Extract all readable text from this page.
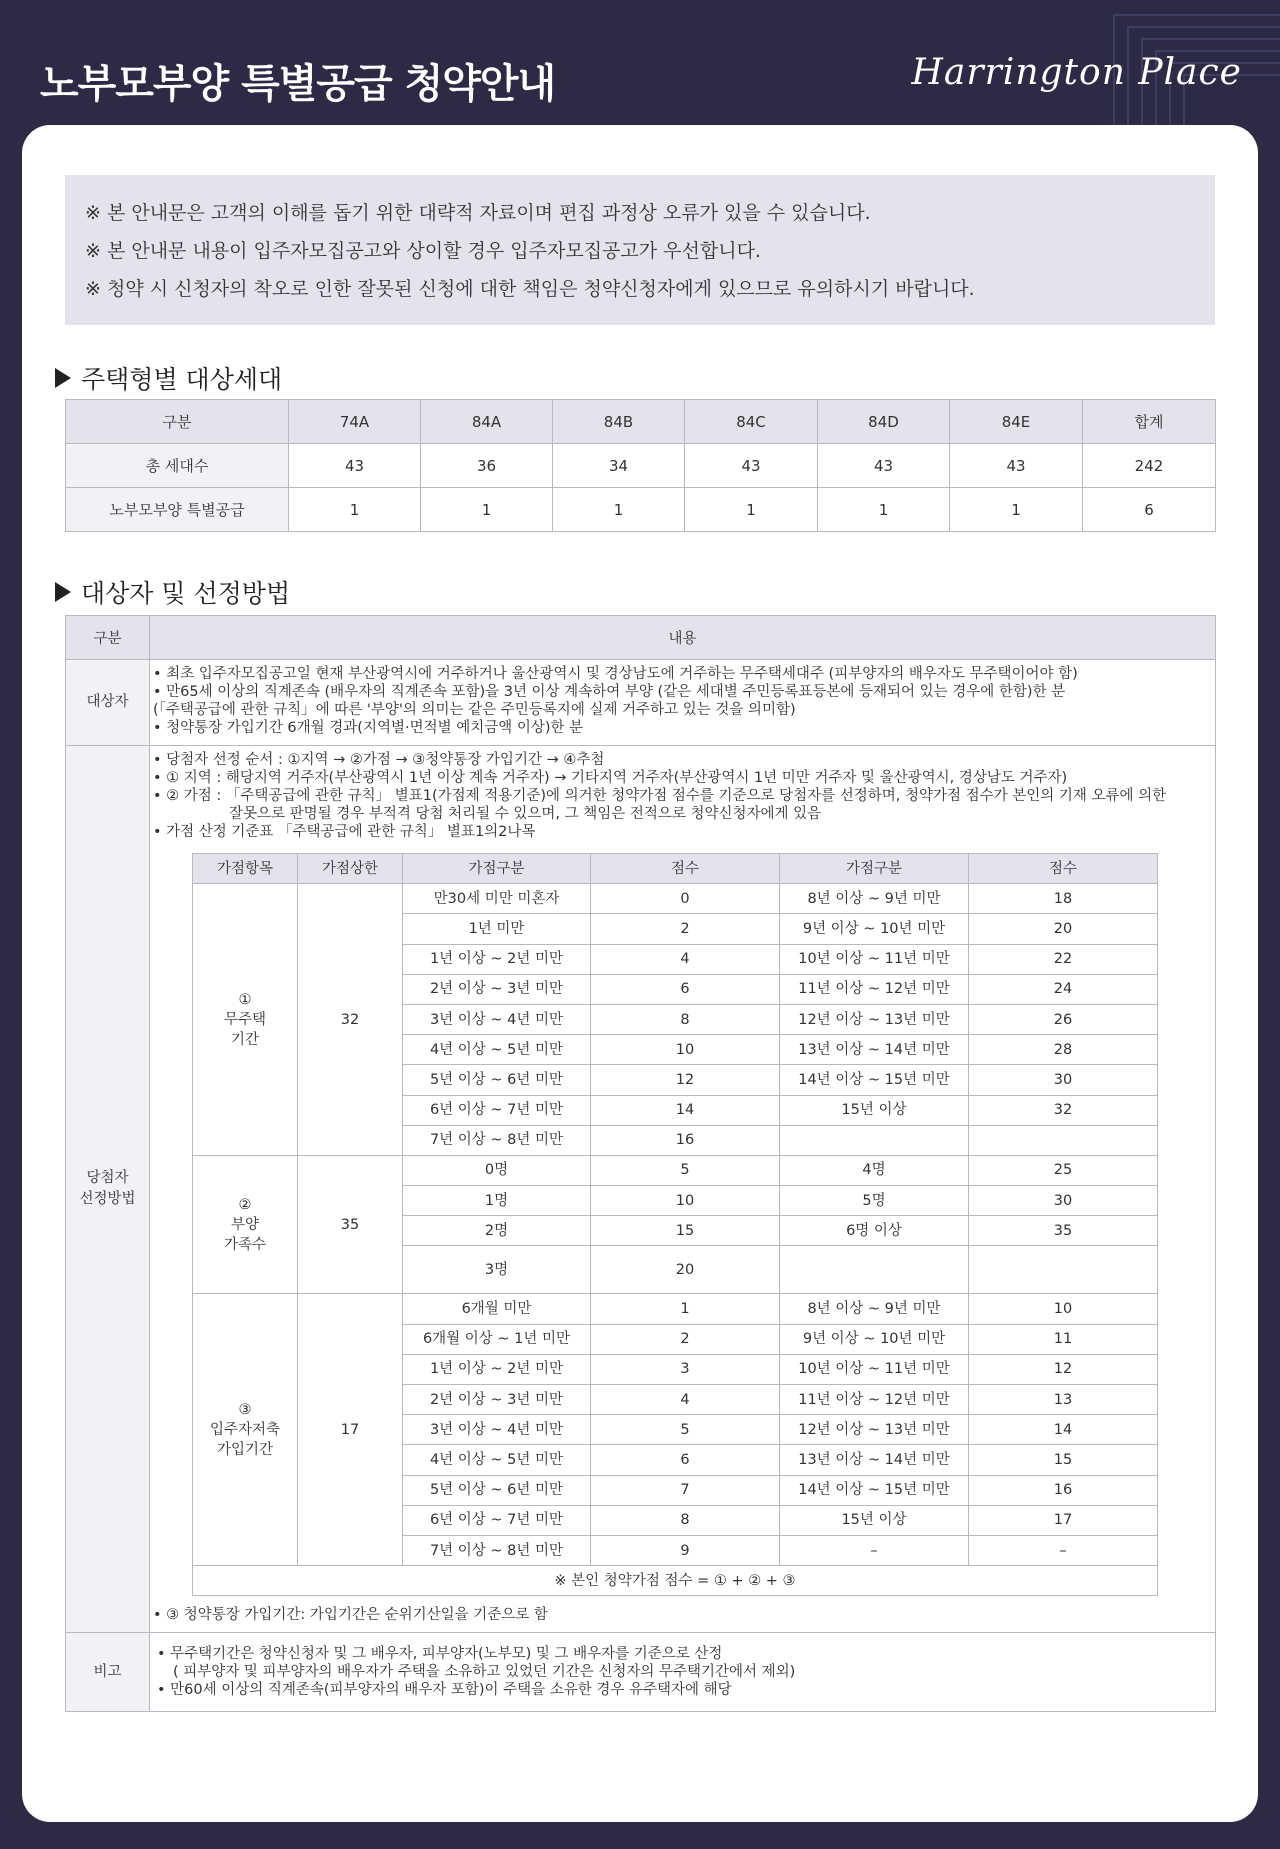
노부모부양 특별공급 청약안내	Harrington Place

※ 본 안내문은 고객의 이해를 돕기 위한 대략적 자료이며 편집 과정상 오류가 있을 수 있습니다.

※ 본 안내문 내용이 입주자모집공고와 상이할 경우 입주자모집공고가 우선합니다.

※ 청약 시 신청자의 착오로 인한 잘못된 신청에 대한 책임은 청약신청자에게 있으므로 유의하시기 바랍니다.

주택형별 대상세대
구분	74A	84A	84B	84C	84D	84E	합계
총 세대수	43	36	34	43	43	43	242
노부모부양 특별공급	1	1	1	1	1	1	6
대상자 및 선정방법
구분	내용
대상자	
• 최초 입주자모집공고일 현재 부산광역시에 거주하거나 울산광역시 및 경상남도에 거주하는 무주택세대주 (피부양자의 배우자도 무주택이어야 함)
• 만65세 이상의 직계존속 (배우자의 직계존속 포함)을 3년 이상 계속하여 부양 (같은 세대별 주민등록표등본에 등재되어 있는 경우에 한함)한 분
(「주택공급에 관한 규칙」에 따른 '부양'의 의미는 같은 주민등록지에 실제 거주하고 있는 것을 의미함)
• 청약통장 가입기간 6개월 경과(지역별·면적별 예치금액 이상)한 분

당첨자
선정방법

• 당첨자 선정 순서 : ①지역 → ②가점 → ③청약통장 가입기간 → ④추첨
• ① 지역 : 해당지역 거주자(부산광역시 1년 이상 계속 거주자) → 기타지역 거주자(부산광역시 1년 미만 거주자 및 울산광역시, 경상남도 거주자)
• ② 가점 : 「주택공급에 관한 규칙」 별표1(가점제 적용기준)에 의거한 청약가점 점수를 기준으로 당첨자를 선정하며, 청약가점 점수가 본인의 기재 오류에 의한
잘못으로 판명될 경우 부적격 당첨 처리될 수 있으며, 그 책임은 전적으로 청약신청자에게 있음
• 가점 산정 기준표 「주택공급에 관한 규칙」 별표1의2나목
가점항목	가점상한	가점구분	점수	가점구분	점수

①
무주택
기간
	32	만30세 미만 미혼자	0	8년 이상 ~ 9년 미만	18
1년 미만	2	9년 이상 ~ 10년 미만	20
1년 이상 ~ 2년 미만	4	10년 이상 ~ 11년 미만	22
2년 이상 ~ 3년 미만	6	11년 이상 ~ 12년 미만	24
3년 이상 ~ 4년 미만	8	12년 이상 ~ 13년 미만	26
4년 이상 ~ 5년 미만	10	13년 이상 ~ 14년 미만	28
5년 이상 ~ 6년 미만	12	14년 이상 ~ 15년 미만	30
6년 이상 ~ 7년 미만	14	15년 이상	32
7년 이상 ~ 8년 미만	16		

②
부양
가족수
	35	0명	5	4명	25
1명	10	5명	30
2명	15	6명 이상	35
3명	20		

③
입주자저축
가입기간
	17	6개월 미만	1	8년 이상 ~ 9년 미만	10
6개월 이상 ~ 1년 미만	2	9년 이상 ~ 10년 미만	11
1년 이상 ~ 2년 미만	3	10년 이상 ~ 11년 미만	12
2년 이상 ~ 3년 미만	4	11년 이상 ~ 12년 미만	13
3년 이상 ~ 4년 미만	5	12년 이상 ~ 13년 미만	14
4년 이상 ~ 5년 미만	6	13년 이상 ~ 14년 미만	15
5년 이상 ~ 6년 미만	7	14년 이상 ~ 15년 미만	16
6년 이상 ~ 7년 미만	8	15년 이상	17
7년 이상 ~ 8년 미만	9	–	–
※ 본인 청약가점 점수 = ① + ② + ③
• ③ 청약통장 가입기간: 가입기간은 순위기산일을 기준으로 함

비고	
• 무주택기간은 청약신청자 및 그 배우자, 피부양자(노부모) 및 그 배우자를 기준으로 산정
( 피부양자 및 피부양자의 배우자가 주택을 소유하고 있었던 기간은 신청자의 무주택기간에서 제외)
• 만60세 이상의 직계존속(피부양자의 배우자 포함)이 주택을 소유한 경우 유주택자에 해당
